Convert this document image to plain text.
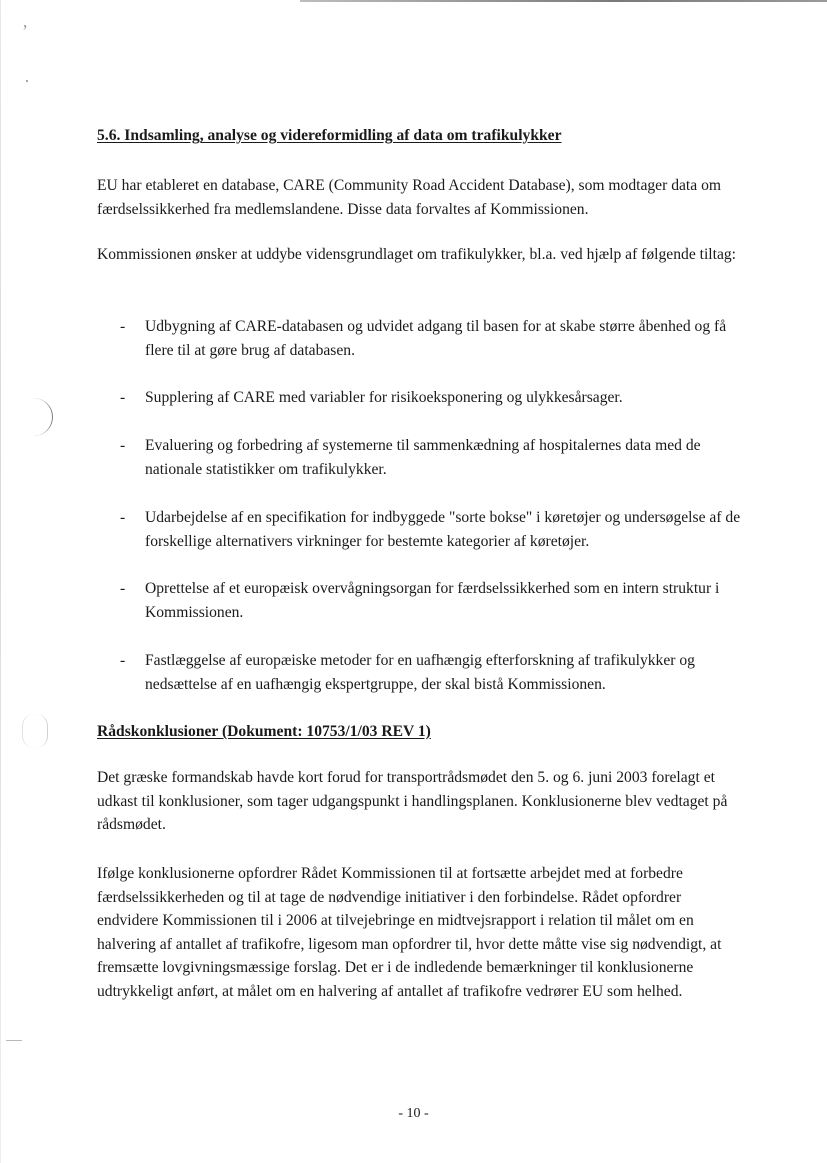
’
·
5.6. Indsamling, analyse og videreformidling af data om trafikulykker

EU har etableret en database, CARE (Community Road Accident Database), som modtager data om færdselssikkerhed fra medlemslandene. Disse data forvaltes af Kommissionen.

Kommissionen ønsker at uddybe vidensgrundlaget om trafikulykker, bl.a. ved hjælp af følgende tiltag:

- Udbygning af CARE-databasen og udvidet adgang til basen for at skabe større åbenhed og få flere til at gøre brug af databasen.
- Supplering af CARE med variabler for risikoeksponering og ulykkesårsager.
- Evaluering og forbedring af systemerne til sammenkædning af hospitalernes data med de nationale statistikker om trafikulykker.
- Udarbejdelse af en specifikation for indbyggede "sorte bokse" i køretøjer og undersøgelse af de forskellige alternativers virkninger for bestemte kategorier af køretøjer.
- Oprettelse af et europæisk overvågningsorgan for færdselssikkerhed som en intern struktur i Kommissionen.
- Fastlæggelse af europæiske metoder for en uafhængig efterforskning af trafikulykker og nedsættelse af en uafhængig ekspertgruppe, der skal bistå Kommissionen.
Rådskonklusioner (Dokument: 10753/1/03 REV 1)

Det græske formandskab havde kort forud for transportrådsmødet den 5. og 6. juni 2003 forelagt et udkast til konklusioner, som tager udgangspunkt i handlingsplanen. Konklusionerne blev vedtaget på rådsmødet.

Ifølge konklusionerne opfordrer Rådet Kommissionen til at fortsætte arbejdet med at forbedre færdselssikkerheden og til at tage de nødvendige initiativer i den forbindelse. Rådet opfordrer endvidere Kommissionen til i 2006 at tilvejebringe en midtvejsrapport i relation til målet om en halvering af antallet af trafikofre, ligesom man opfordrer til, hvor dette måtte vise sig nødvendigt, at fremsætte lovgivningsmæssige forslag. Det er i de indledende bemærkninger til konklusionerne udtrykkeligt anført, at målet om en halvering af antallet af trafikofre vedrører EU som helhed.

- 10 -
